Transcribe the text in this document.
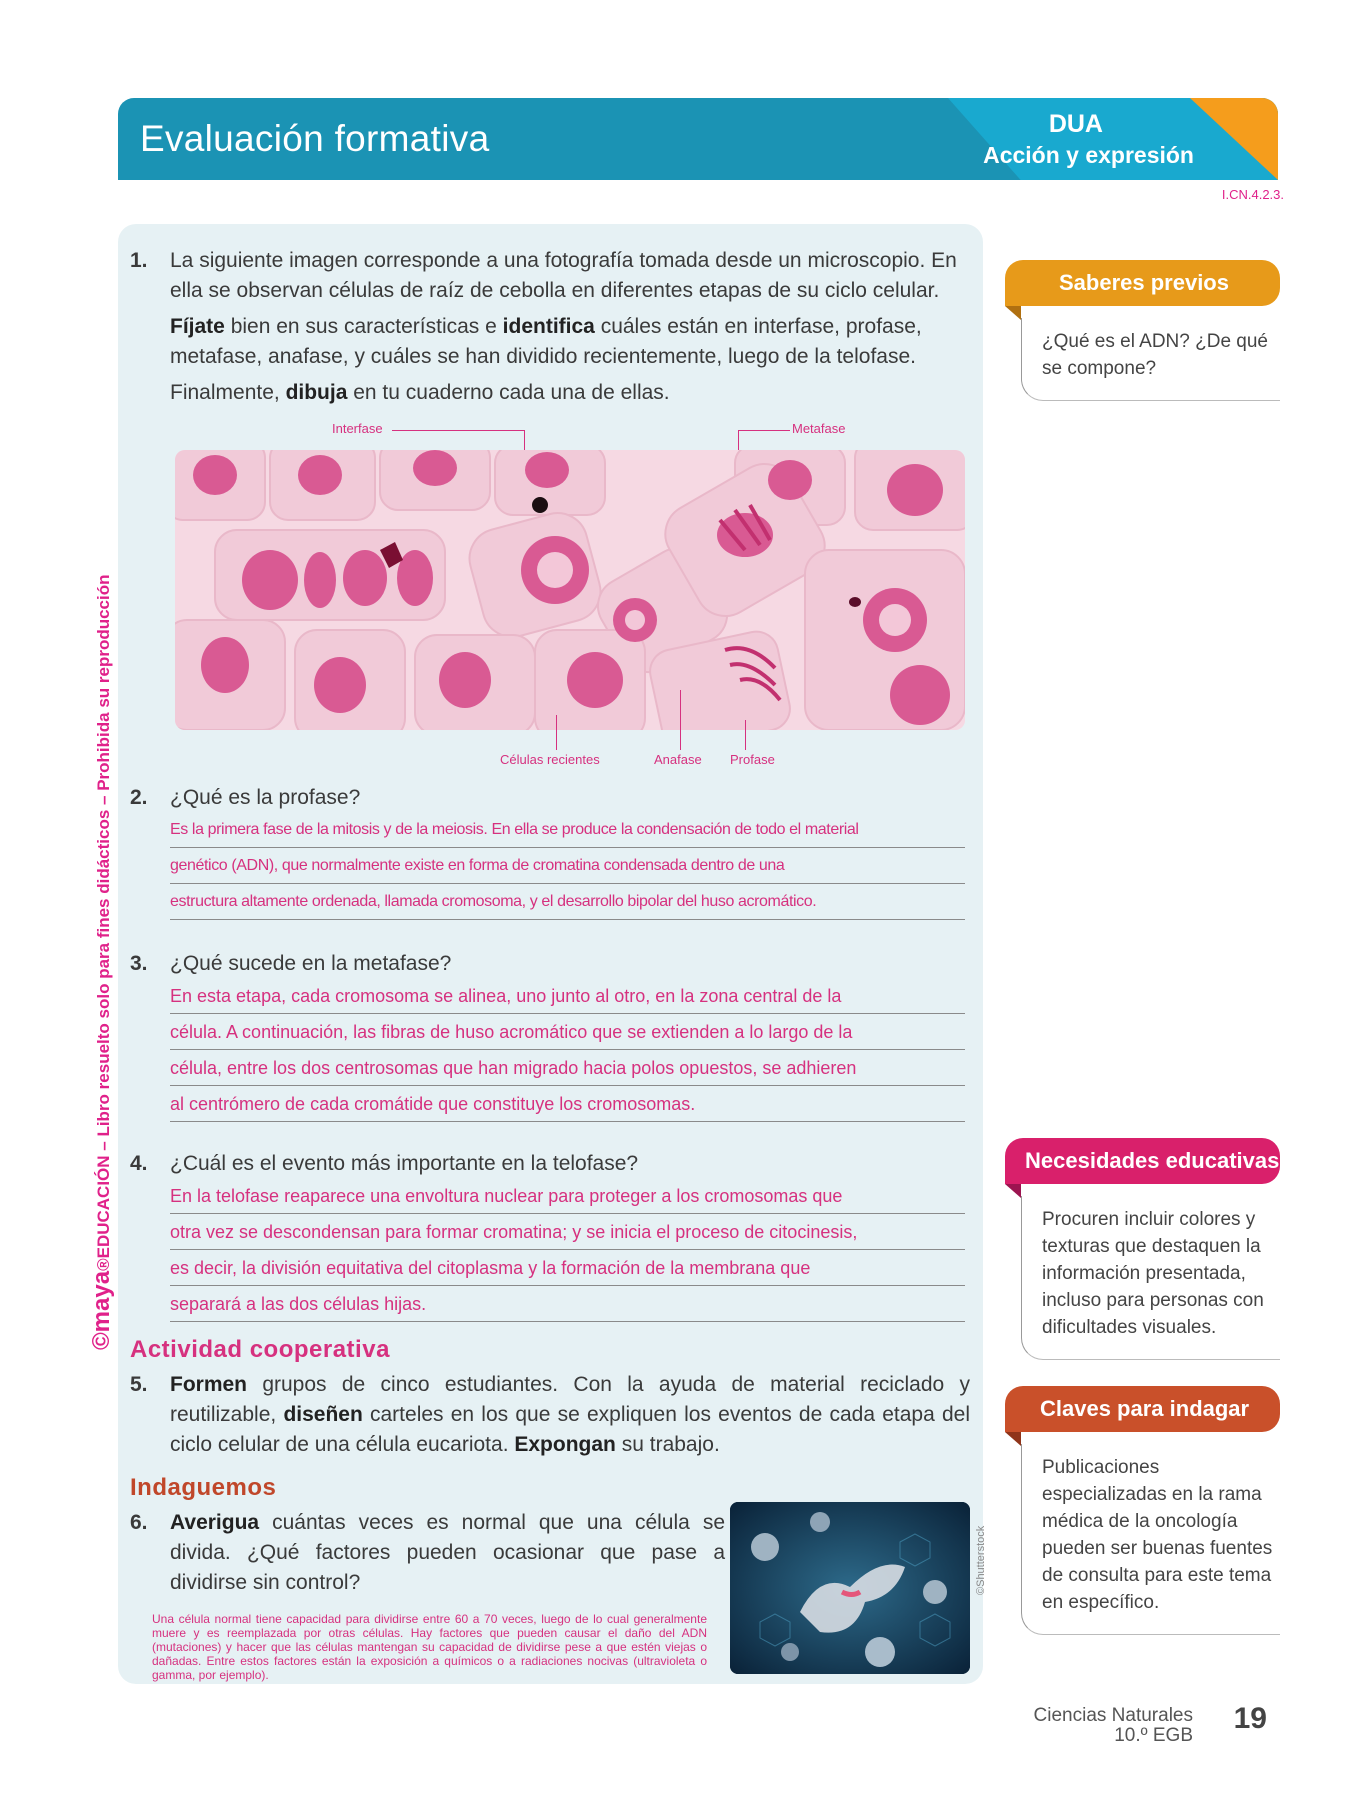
Evaluación formativa	DUA
Acción y expresión
I.CN.4.2.3.
©maya®EDUCACIÓN – Libro resuelto solo para fines didácticos – Prohibida su reproducción
1. La siguiente imagen corresponde a una fotografía tomada desde un microscopio. En ella se observan células de raíz de cebolla en diferentes etapas de su ciclo celular.

Fíjate bien en sus características e identifica cuáles están en interfase, profase, metafase, anafase, y cuáles se han dividido recientemente, luego de la telofase.

Finalmente, dibuja en tu cuaderno cada una de ellas.

Interfase	Metafase
Células recientes	Anafase Profase
2. ¿Qué es la profase?
Es la primera fase de la mitosis y de la meiosis. En ella se produce la condensación de todo el material
genético (ADN), que normalmente existe en forma de cromatina condensada dentro de una
estructura altamente ordenada, llamada cromosoma, y el desarrollo bipolar del huso acromático.
3. ¿Qué sucede en la metafase?
En esta etapa, cada cromosoma se alinea, uno junto al otro, en la zona central de la
célula. A continuación, las fibras de huso acromático que se extienden a lo largo de la
célula, entre los dos centrosomas que han migrado hacia polos opuestos, se adhieren
al centrómero de cada cromátide que constituye los cromosomas.
4. ¿Cuál es el evento más importante en la telofase?
En la telofase reaparece una envoltura nuclear para proteger a los cromosomas que
otra vez se descondensan para formar cromatina; y se inicia el proceso de citocinesis,
es decir, la división equitativa del citoplasma y la formación de la membrana que
separará a las dos células hijas.
Actividad cooperativa
5. Formen grupos de cinco estudiantes. Con la ayuda de material reciclado y reutilizable, diseñen carteles en los que se expliquen los eventos de cada etapa del ciclo celular de una célula eucariota. Expongan su trabajo.
Indaguemos
6. Averigua cuántas veces es normal que una célula se divida. ¿Qué factores pueden ocasionar que pase a dividirse sin control?
Una célula normal tiene capacidad para dividirse entre 60 a 70 veces, luego de lo cual generalmente muere y es reemplazada por otras células. Hay factores que pueden causar el daño del ADN (mutaciones) y hacer que las células mantengan su capacidad de dividirse pese a que estén viejas o dañadas. Entre estos factores están la exposición a químicos o a radiaciones nocivas (ultravioleta o gamma, por ejemplo).
©Shutterstock
Saberes previos
¿Qué es el ADN? ¿De qué se compone?
Necesidades educativas
Procuren incluir colores y texturas que destaquen la información presentada, incluso para personas con dificultades visuales.
Claves para indagar
Publicaciones especializadas en la rama médica de la oncología pueden ser buenas fuentes de consulta para este tema en específico.
Ciencias Naturales
10.º EGB
19
